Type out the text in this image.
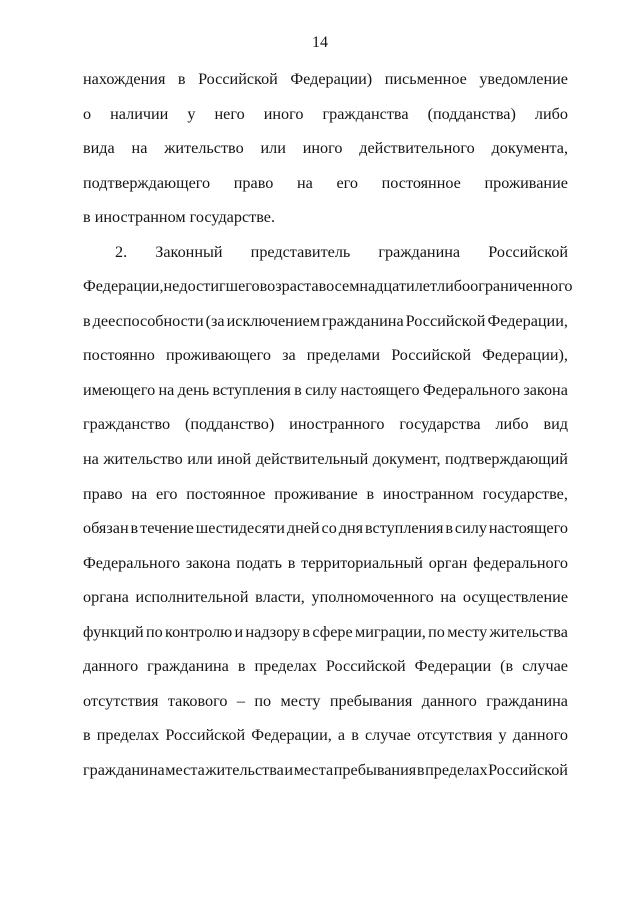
14
нахождения в Российской Федерации) письменное уведомление
о наличии у него иного гражданства (подданства) либо
вида на жительство или иного действительного документа,
подтверждающего право на его постоянное проживание
в иностранном государстве.
2. Законный представитель гражданина Российской
Федерации, не достигшего возраста восемнадцати лет либо ограниченного
в дееспособности (за исключением гражданина Российской Федерации,
постоянно проживающего за пределами Российской Федерации),
имеющего на день вступления в силу настоящего Федерального закона
гражданство (подданство) иностранного государства либо вид
на жительство или иной действительный документ, подтверждающий
право на его постоянное проживание в иностранном государстве,
обязан в течение шестидесяти дней со дня вступления в силу настоящего
Федерального закона подать в территориальный орган федерального
органа исполнительной власти, уполномоченного на осуществление
функций по контролю и надзору в сфере миграции, по месту жительства
данного гражданина в пределах Российской Федерации (в случае
отсутствия такового – по месту пребывания данного гражданина
в пределах Российской Федерации, а в случае отсутствия у данного
гражданина места жительства и места пребывания в пределах Российской
